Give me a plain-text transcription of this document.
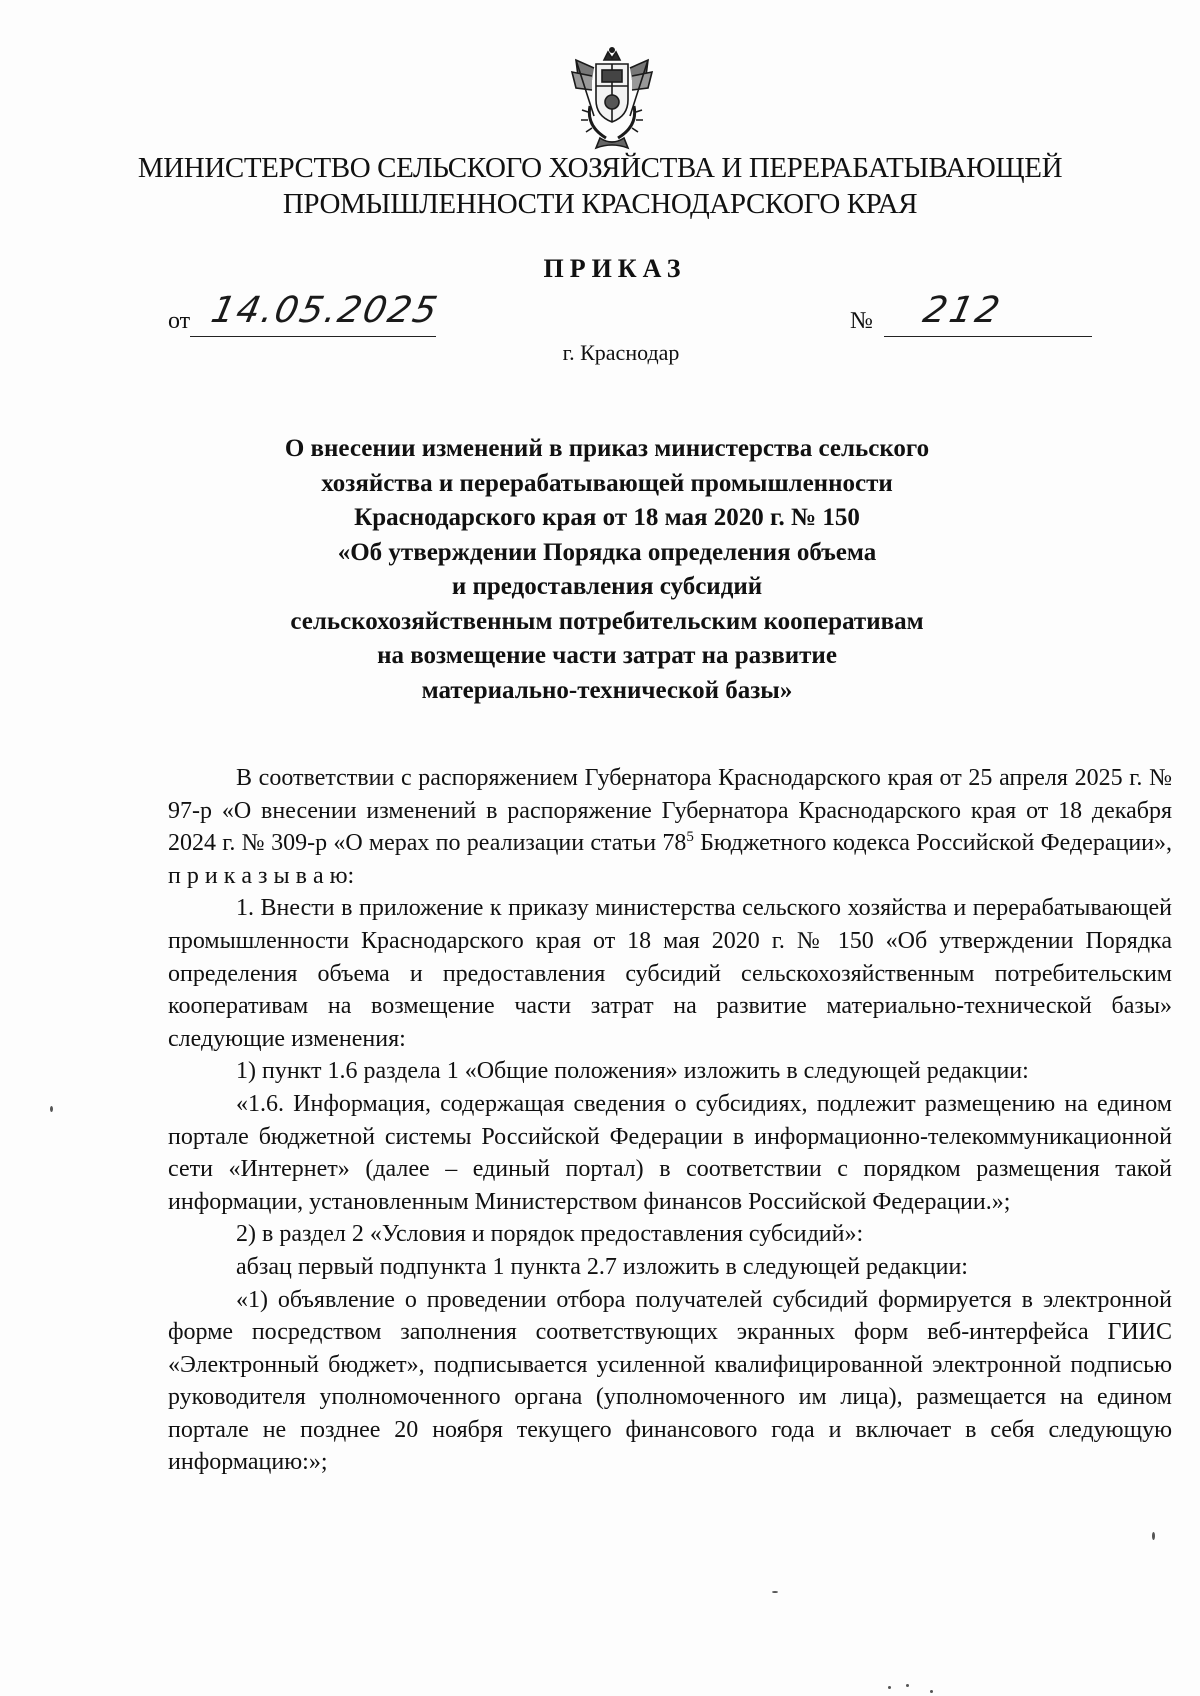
МИНИСТЕРСТВО СЕЛЬСКОГО ХОЗЯЙСТВА И ПЕРЕРАБАТЫВАЮЩЕЙ
ПРОМЫШЛЕННОСТИ КРАСНОДАРСКОГО КРАЯ
ПРИКАЗ
от 14.05.2025	№ 212
г. Краснодар
О внесении изменений в приказ министерства сельского
хозяйства и перерабатывающей промышленности
Краснодарского края от 18 мая 2020 г. № 150
«Об утверждении Порядка определения объема
и предоставления субсидий
сельскохозяйственным потребительским кооперативам
на возмещение части затрат на развитие
материально-технической базы»

В соответствии с распоряжением Губернатора Краснодарского края от 25 апреля 2025 г. № 97-р «О внесении изменений в распоряжение Губернатора Краснодарского края от 18 декабря 2024 г. № 309-р «О мерах по реализации статьи $78^5$ Бюджетного кодекса Российской Федерации», п р и к а з ы в а ю:

1. Внести в приложение к приказу министерства сельского хозяйства и перерабатывающей промышленности Краснодарского края от 18 мая 2020 г. № 150 «Об утверждении Порядка определения объема и предоставления субсидий сельскохозяйственным потребительским кооперативам на возмещение части затрат на развитие материально-технической базы» следующие изменения:

1) пункт 1.6 раздела 1 «Общие положения» изложить в следующей редакции:

«1.6. Информация, содержащая сведения о субсидиях, подлежит размещению на едином портале бюджетной системы Российской Федерации в информационно-телекоммуникационной сети «Интернет» (далее – единый портал) в соответствии с порядком размещения такой информации, установленным Министерством финансов Российской Федерации.»;

2) в раздел 2 «Условия и порядок предоставления субсидий»:

абзац первый подпункта 1 пункта 2.7 изложить в следующей редакции:

«1) объявление о проведении отбора получателей субсидий формируется в электронной форме посредством заполнения соответствующих экранных форм веб-интерфейса ГИИС «Электронный бюджет», подписывается усиленной квалифицированной электронной подписью руководителя уполномоченного органа (уполномоченного им лица), размещается на едином портале не позднее 20 ноября текущего финансового года и включает в себя следующую информацию:»;
